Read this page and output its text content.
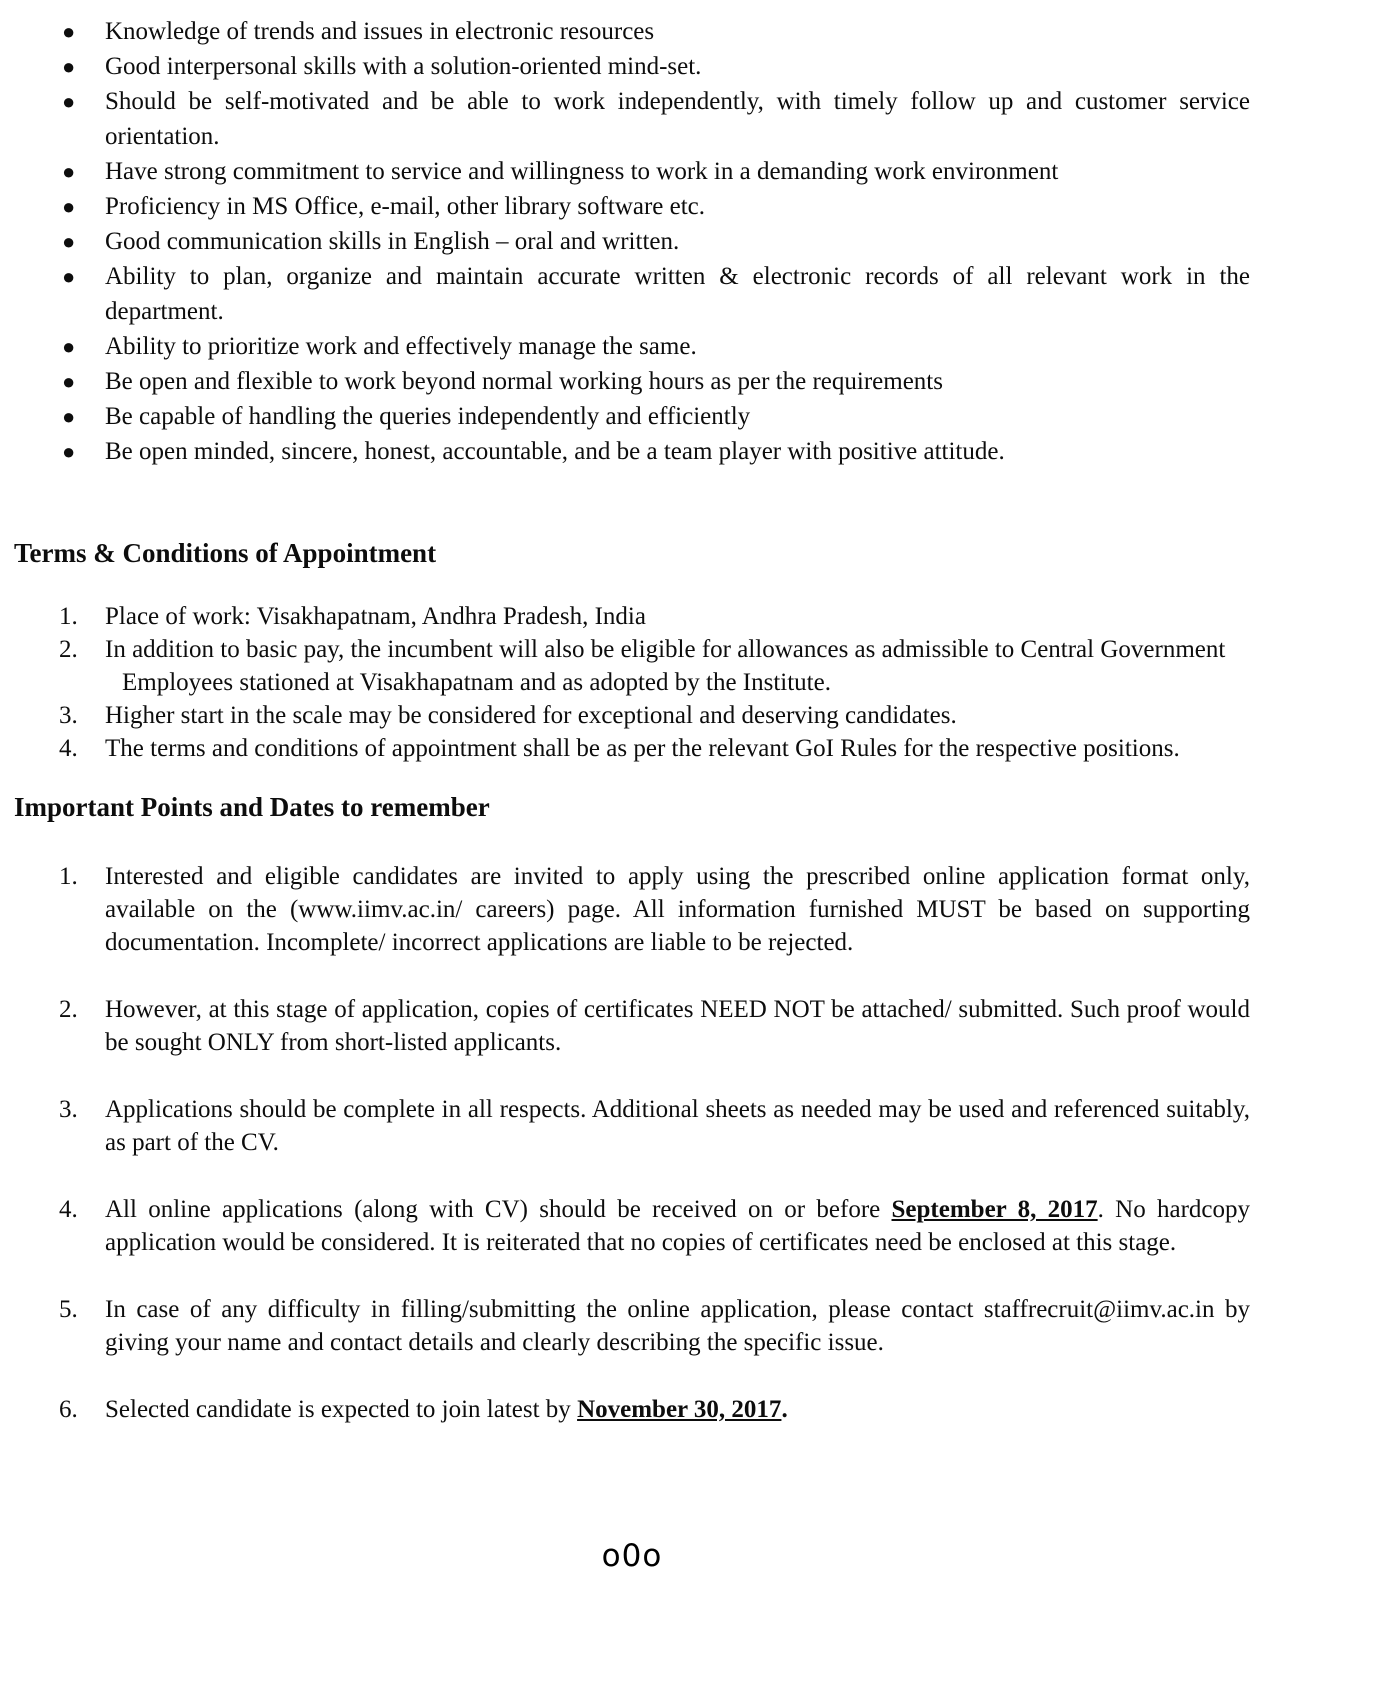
● Knowledge of trends and issues in electronic resources
● Good interpersonal skills with a solution-oriented mind-set.
● Should be self-motivated and be able to work independently, with timely follow up and customer service orientation.
● Have strong commitment to service and willingness to work in a demanding work environment
● Proficiency in MS Office, e-mail, other library software etc.
● Good communication skills in English – oral and written.
● Ability to plan, organize and maintain accurate written & electronic records of all relevant work in the department.
● Ability to prioritize work and effectively manage the same.
● Be open and flexible to work beyond normal working hours as per the requirements
● Be capable of handling the queries independently and efficiently
● Be open minded, sincere, honest, accountable, and be a team player with positive attitude.
Terms & Conditions of Appointment
1. Place of work: Visakhapatnam, Andhra Pradesh, India
2. In addition to basic pay, the incumbent will also be eligible for allowances as admissible to Central Government Employees stationed at Visakhapatnam and as adopted by the Institute.
3. Higher start in the scale may be considered for exceptional and deserving candidates.
4. The terms and conditions of appointment shall be as per the relevant GoI Rules for the respective positions.
Important Points and Dates to remember
1. Interested and eligible candidates are invited to apply using the prescribed online application format only, available on the (www.iimv.ac.in/ careers) page. All information furnished MUST be based on supporting documentation. Incomplete/ incorrect applications are liable to be rejected.
2. However, at this stage of application, copies of certificates NEED NOT be attached/ submitted. Such proof would be sought ONLY from short-listed applicants.
3. Applications should be complete in all respects. Additional sheets as needed may be used and referenced suitably, as part of the CV.
4. All online applications (along with CV) should be received on or before September 8, 2017. No hardcopy application would be considered. It is reiterated that no copies of certificates need be enclosed at this stage.
5. In case of any difficulty in filling/submitting the online application, please contact staffrecruit@iimv.ac.in by giving your name and contact details and clearly describing the specific issue.
6. Selected candidate is expected to join latest by November 30, 2017.
o0o
